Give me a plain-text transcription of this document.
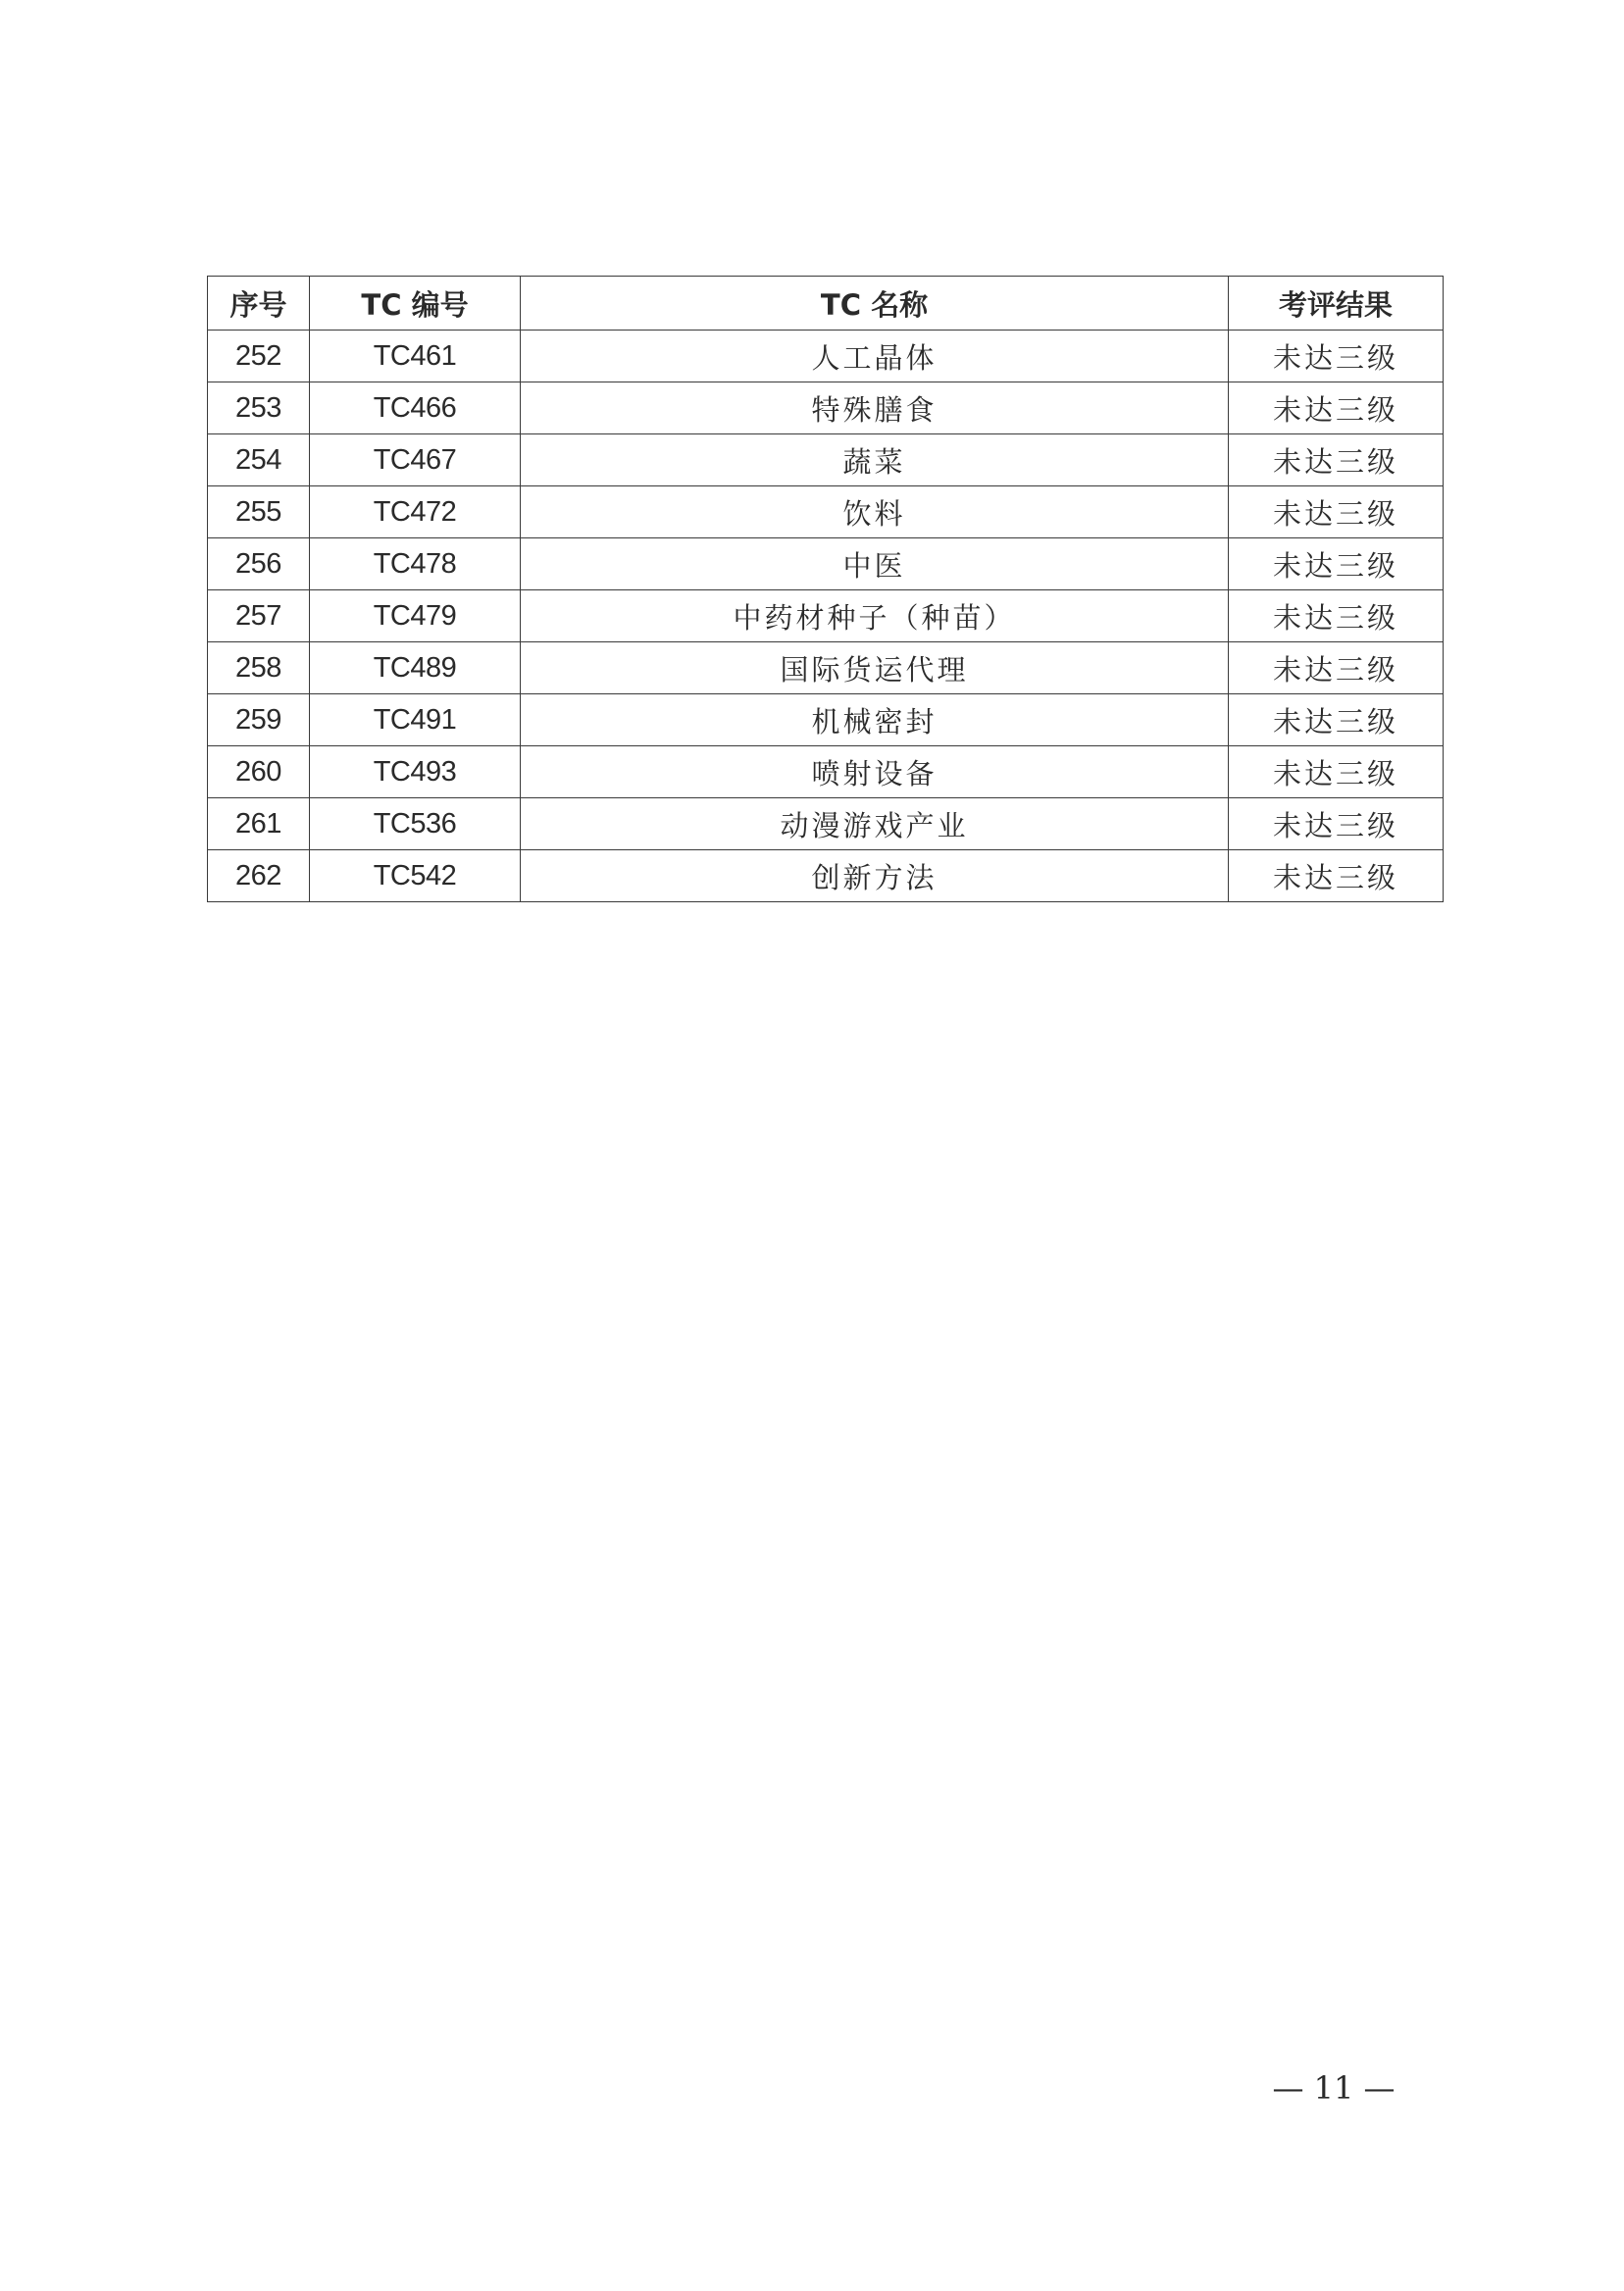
序号	TC 编号	TC 名称	考评结果
252	TC461	人工晶体	未达三级
253	TC466	特殊膳食	未达三级
254	TC467	蔬菜	未达三级
255	TC472	饮料	未达三级
256	TC478	中医	未达三级
257	TC479	中药材种子（种苗）	未达三级
258	TC489	国际货运代理	未达三级
259	TC491	机械密封	未达三级
260	TC493	喷射设备	未达三级
261	TC536	动漫游戏产业	未达三级
262	TC542	创新方法	未达三级
— 11 —
